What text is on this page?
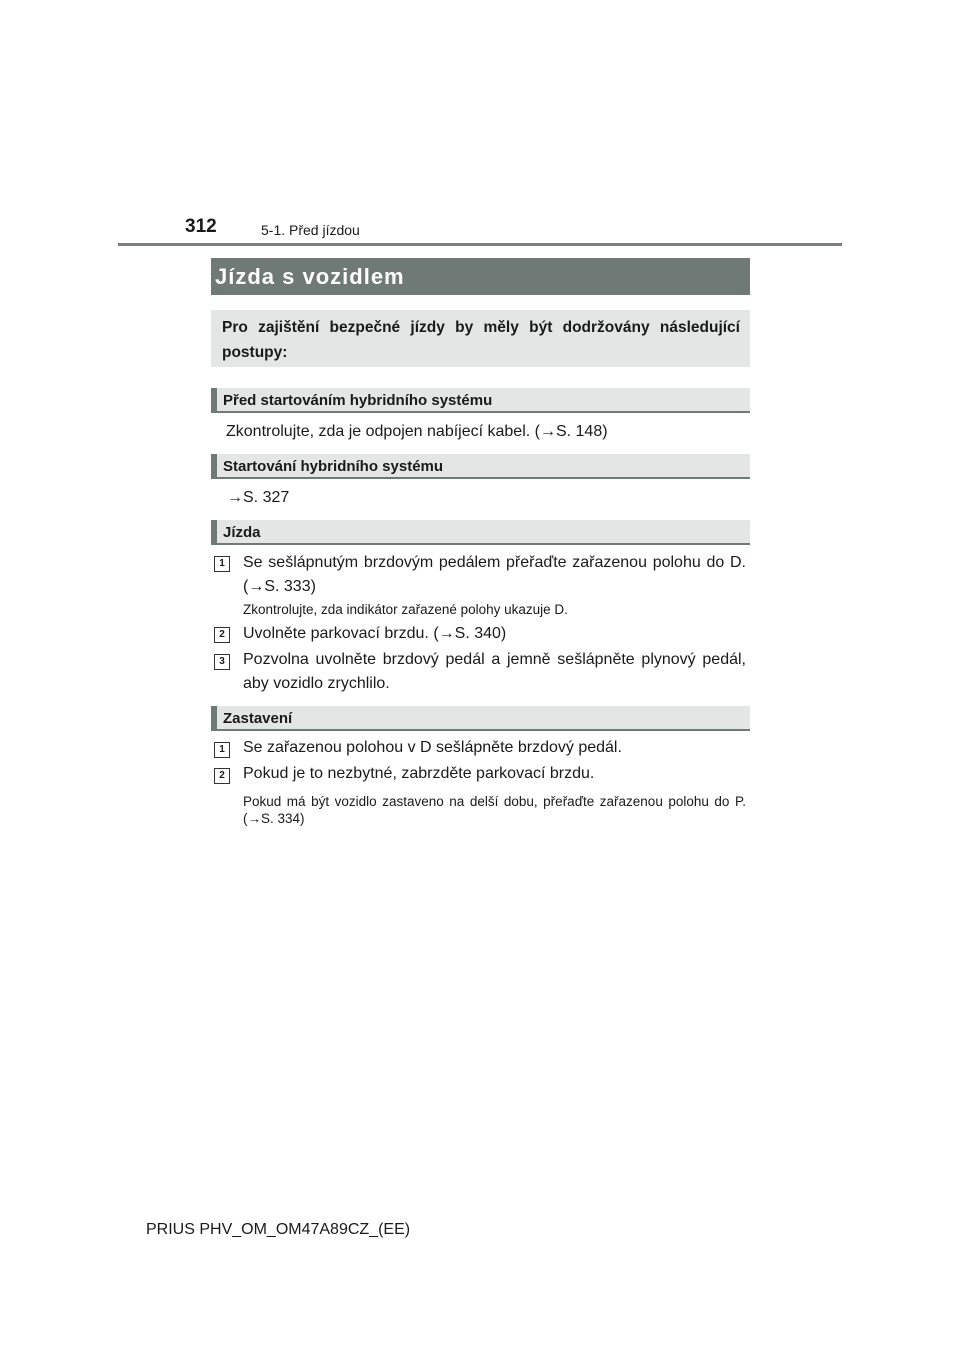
312	5-1. Před jízdou
Jízda s vozidlem
Pro zajištění bezpečné jízdy by měly být dodržovány následující postupy:
Před startováním hybridního systému
Zkontrolujte, zda je odpojen nabíjecí kabel. (→S. 148)
Startování hybridního systému
→S. 327
Jízda
1	Se sešlápnutým brzdovým pedálem přeřaďte zařazenou polohu do D. (→S. 333)
Zkontrolujte, zda indikátor zařazené polohy ukazuje D.
2	Uvolněte parkovací brzdu. (→S. 340)
3	Pozvolna uvolněte brzdový pedál a jemně sešlápněte plynový pedál, aby vozidlo zrychlilo.
Zastavení
1	Se zařazenou polohou v D sešlápněte brzdový pedál.
2	Pokud je to nezbytné, zabrzděte parkovací brzdu.
Pokud má být vozidlo zastaveno na delší dobu, přeřaďte zařazenou polohu do P. (→S. 334)
PRIUS PHV_OM_OM47A89CZ_(EE)
